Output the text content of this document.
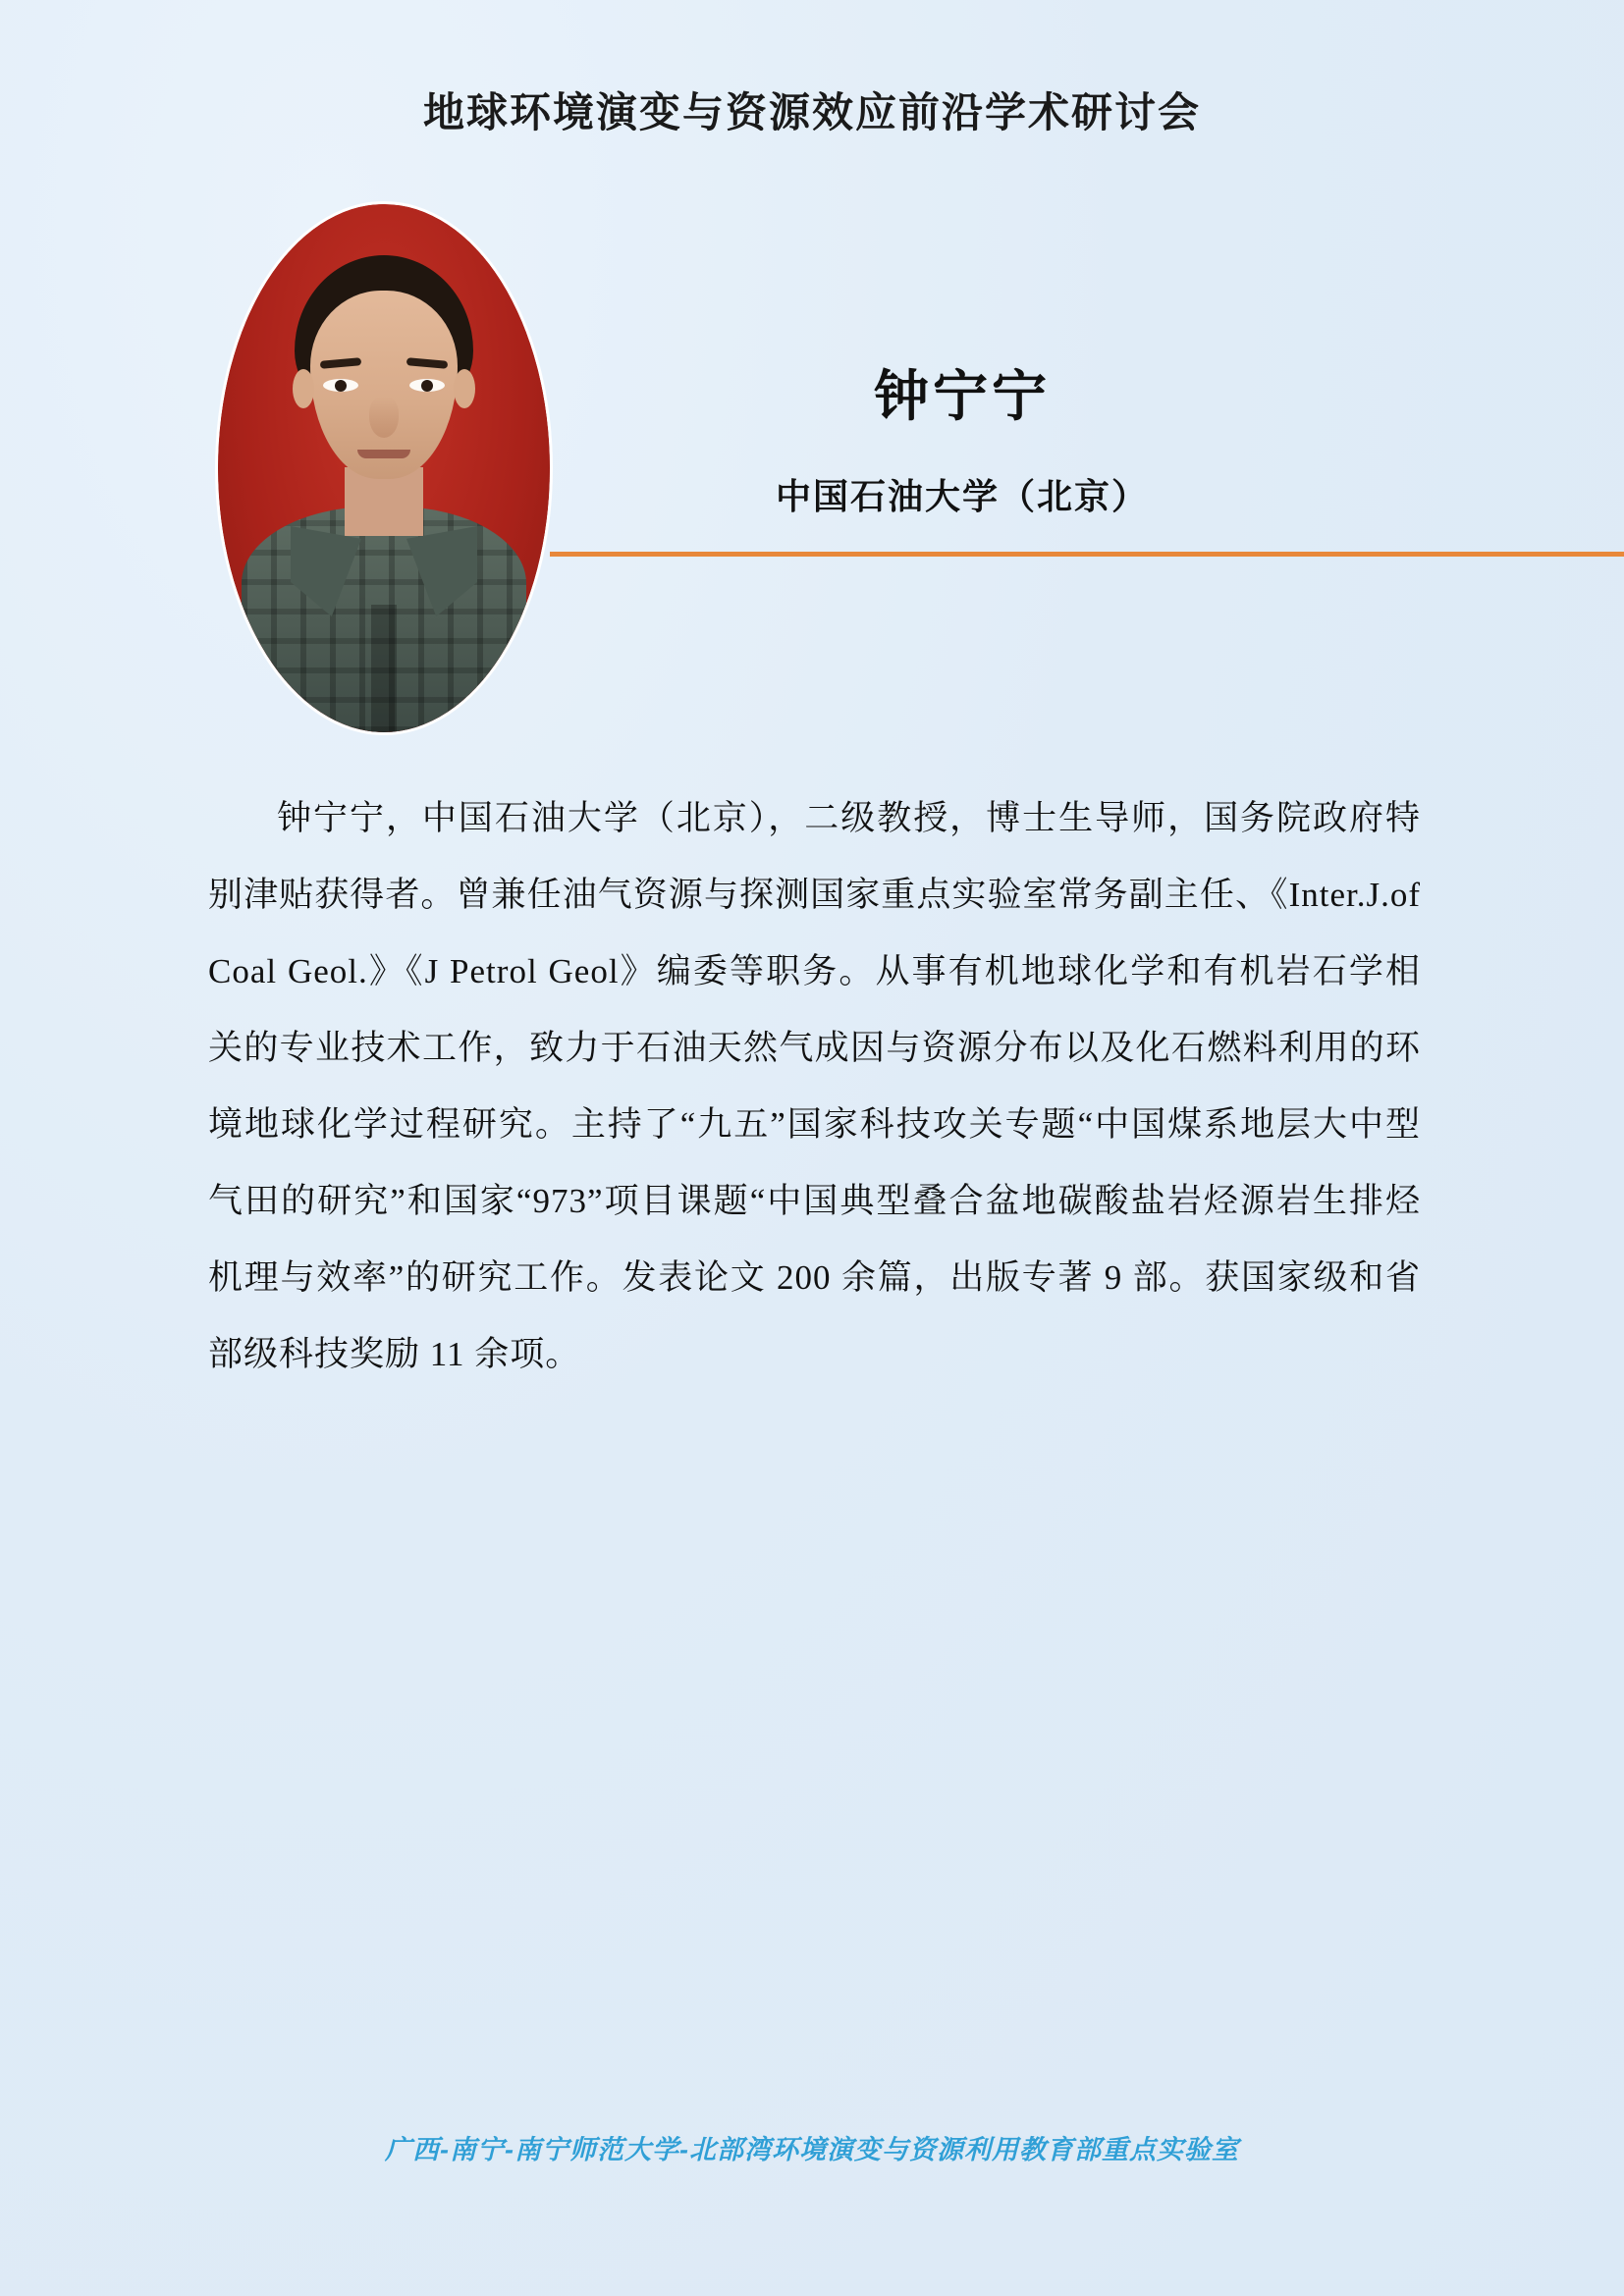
地球环境演变与资源效应前沿学术研讨会
钟宁宁
中国石油大学（北京）
钟宁宁，中国石油大学（北京），二级教授，博士生导师，国务院政府特别津贴获得者。曾兼任油气资源与探测国家重点实验室常务副主任、《Inter.J.of Coal Geol.》《J Petrol Geol》编委等职务。从事有机地球化学和有机岩石学相关的专业技术工作，致力于石油天然气成因与资源分布以及化石燃料利用的环境地球化学过程研究。主持了“九五”国家科技攻关专题“中国煤系地层大中型气田的研究”和国家“973”项目课题“中国典型叠合盆地碳酸盐岩烃源岩生排烃机理与效率”的研究工作。发表论文 200 余篇，出版专著 9 部。获国家级和省部级科技奖励 11 余项。
广西-南宁-南宁师范大学-北部湾环境演变与资源利用教育部重点实验室
